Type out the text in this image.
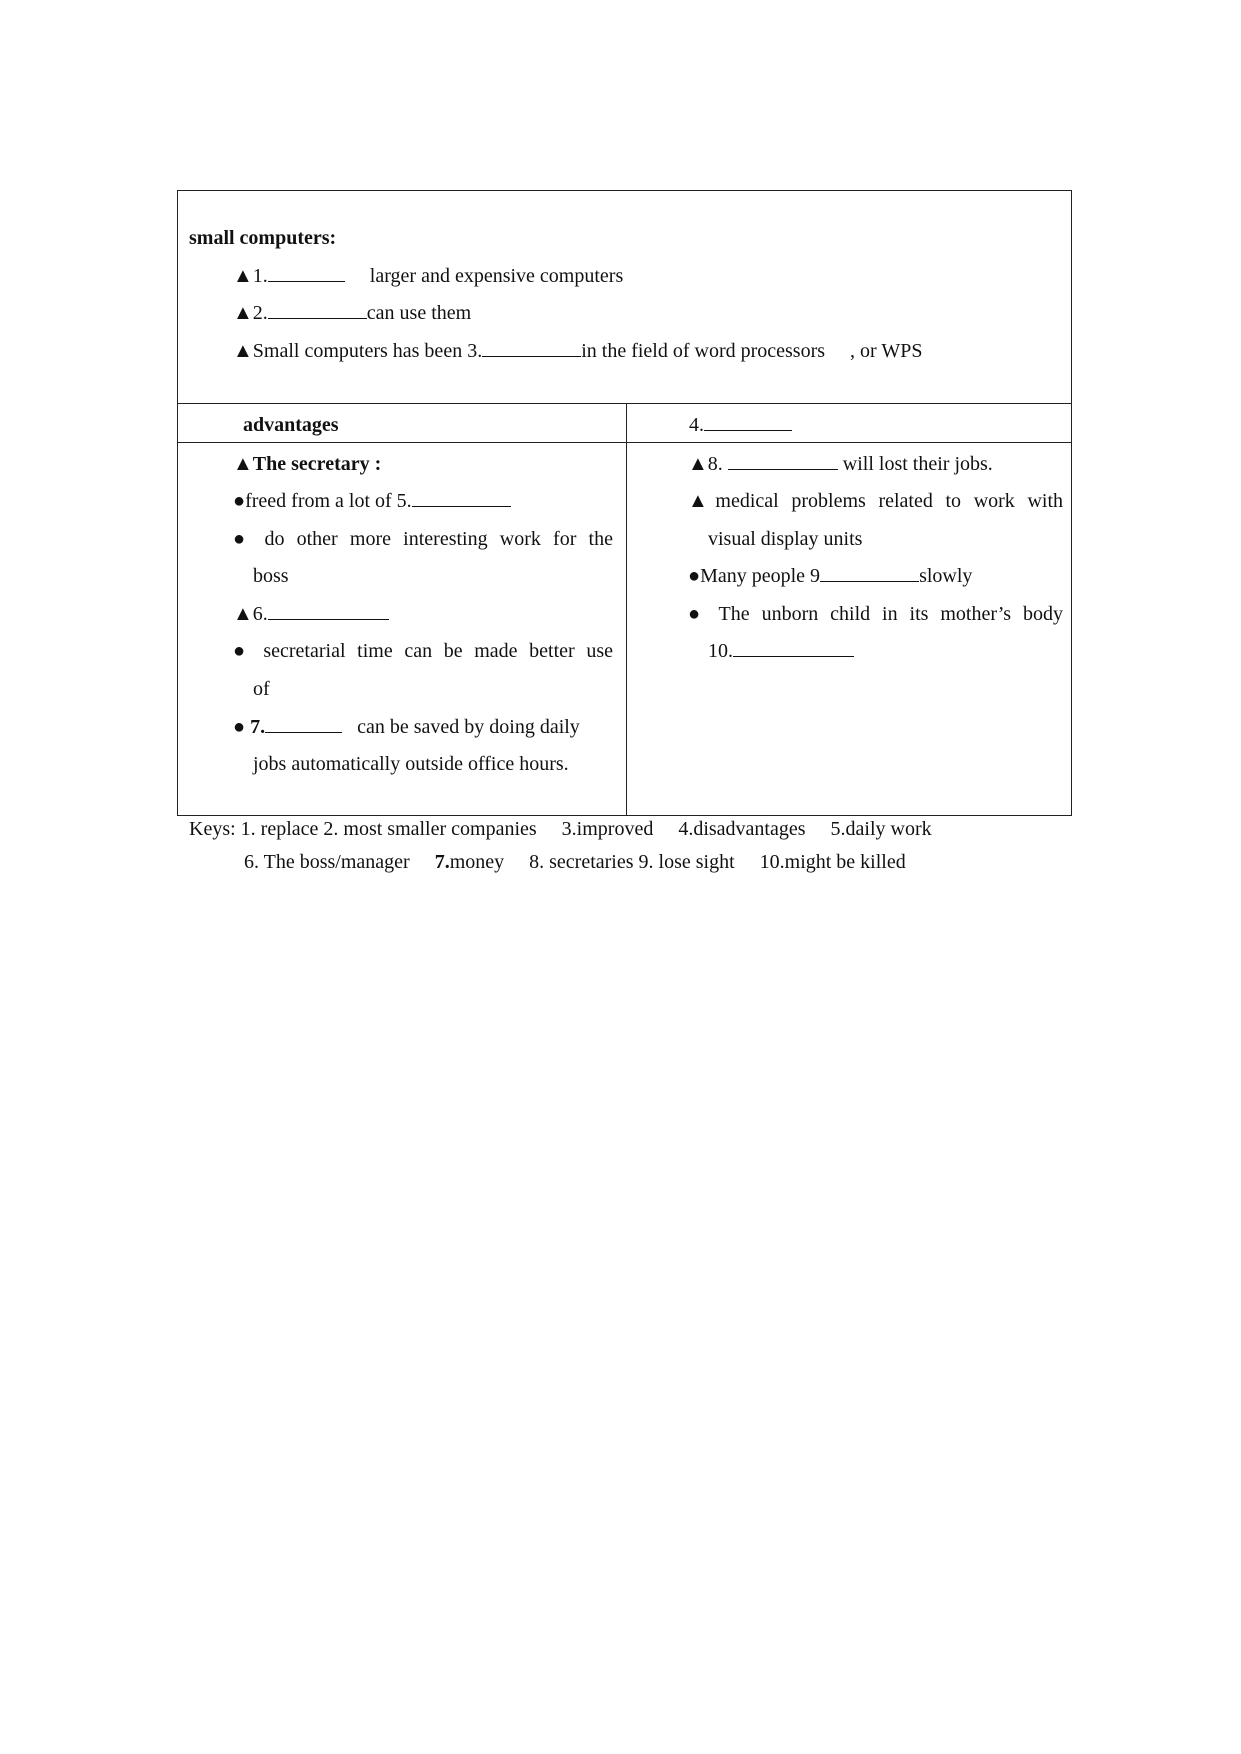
small computers:
▲1.	larger and expensive computers
▲2.	can use them
▲Small computers has been 3.	in the field of word processors , or WPS
advantages	4.
▲The secretary :
●freed from a lot of 5.
● do other more interesting work for the
boss
▲6.
● secretarial time can be made better use
of
● 7.	can be saved by doing daily
jobs automatically outside office hours.
▲8.	will lost their jobs.
▲medical problems related to work with
visual display units
●Many people 9	slowly
● The unborn child in its mother’s body
10.
Keys: 1. replace 2. most smaller companies     3.improved     4.disadvantages     5.daily work
6. The boss/manager 7.money     8. secretaries 9. lose sight     10.might be killed
